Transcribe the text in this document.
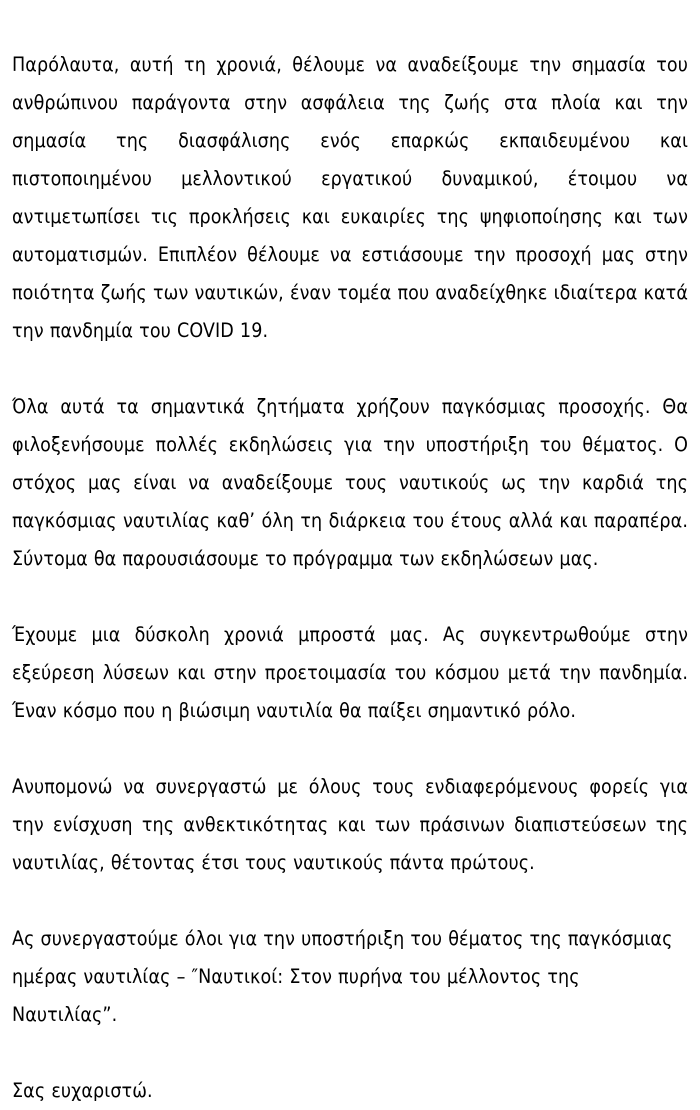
Παρόλαυτα, αυτή τη χρονιά, θέλουμε να αναδείξουμε την σημασία του ανθρώπινου παράγοντα στην ασφάλεια της ζωής στα πλοία και την σημασία της διασφάλισης ενός επαρκώς εκπαιδευμένου και πιστοποιημένου μελλοντικού εργατικού δυναμικού, έτοιμου να αντιμετωπίσει τις προκλήσεις και ευκαιρίες της ψηφιοποίησης και των αυτοματισμών. Επιπλέον θέλουμε να εστιάσουμε την προσοχή μας στην ποιότητα ζωής των ναυτικών, έναν τομέα που αναδείχθηκε ιδιαίτερα κατά την πανδημία του COVID 19.

Όλα αυτά τα σημαντικά ζητήματα χρήζουν παγκόσμιας προσοχής. Θα φιλοξενήσουμε πολλές εκδηλώσεις για την υποστήριξη του θέματος. Ο στόχος μας είναι να αναδείξουμε τους ναυτικούς ως την καρδιά της παγκόσμιας ναυτιλίας καθ’ όλη τη διάρκεια του έτους αλλά και παραπέρα. Σύντομα θα παρουσιάσουμε το πρόγραμμα των εκδηλώσεων μας.

Έχουμε μια δύσκολη χρονιά μπροστά μας. Ας συγκεντρωθούμε στην εξεύρεση λύσεων και στην προετοιμασία του κόσμου μετά την πανδημία. Έναν κόσμο που η βιώσιμη ναυτιλία θα παίξει σημαντικό ρόλο.

Ανυπομονώ να συνεργαστώ με όλους τους ενδιαφερόμενους φορείς για την ενίσχυση της ανθεκτικότητας και των πράσινων διαπιστεύσεων της ναυτιλίας, θέτοντας έτσι τους ναυτικούς πάντα πρώτους.

Ας συνεργαστούμε όλοι για την υποστήριξη του θέματος της παγκόσμιας ημέρας ναυτιλίας – ″Ναυτικοί: Στον πυρήνα του μέλλοντος της Ναυτιλίας”.

Σας ευχαριστώ.
